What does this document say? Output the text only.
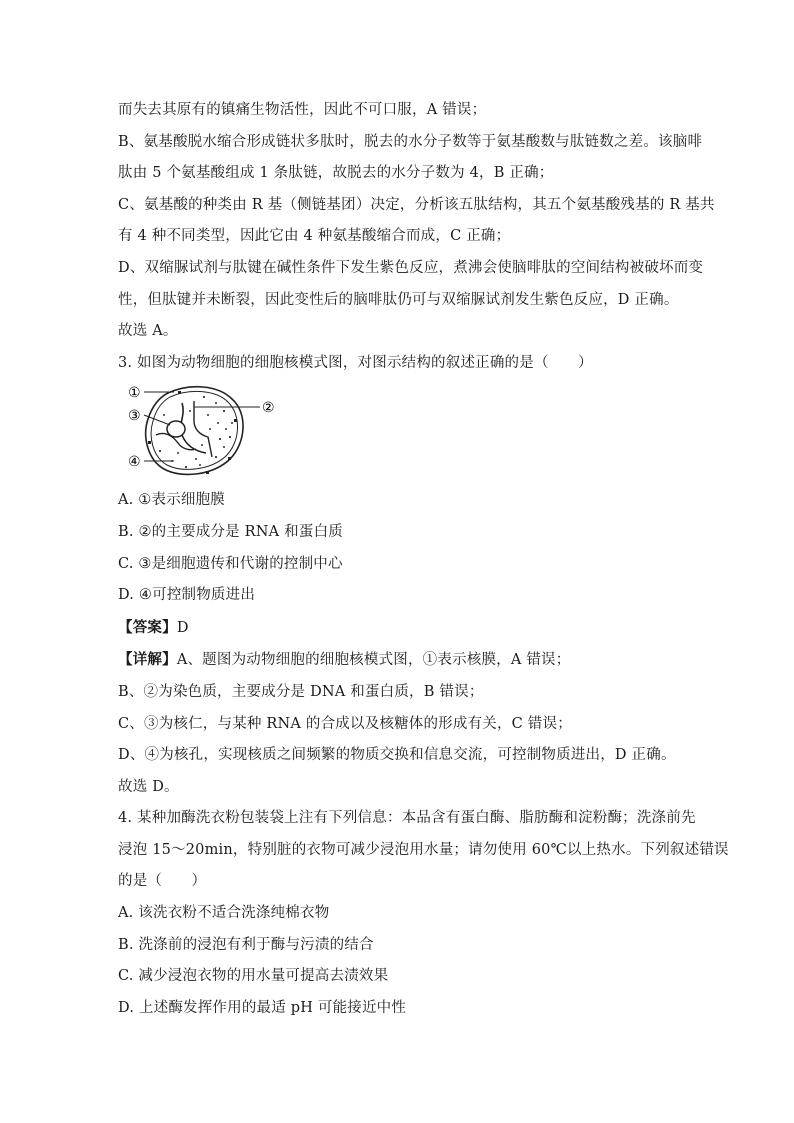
而失去其原有的镇痛生物活性，因此不可口服，A 错误；
B、氨基酸脱水缩合形成链状多肽时，脱去的水分子数等于氨基酸数与肽链数之差。该脑啡
肽由 5 个氨基酸组成 1 条肽链，故脱去的水分子数为 4，B 正确；
C、氨基酸的种类由 R 基（侧链基团）决定，分析该五肽结构，其五个氨基酸残基的 R 基共
有 4 种不同类型，因此它由 4 种氨基酸缩合而成，C 正确；
D、双缩脲试剂与肽键在碱性条件下发生紫色反应，煮沸会使脑啡肽的空间结构被破坏而变
性，但肽键并未断裂，因此变性后的脑啡肽仍可与双缩脲试剂发生紫色反应，D 正确。
故选 A。
3. 如图为动物细胞的细胞核模式图，对图示结构的叙述正确的是（　　）
①
②
③
④
A. ①表示细胞膜
B. ②的主要成分是 RNA 和蛋白质
C. ③是细胞遗传和代谢的控制中心
D. ④可控制物质进出
【答案】D
【详解】A、题图为动物细胞的细胞核模式图，①表示核膜，A 错误；
B、②为染色质，主要成分是 DNA 和蛋白质，B 错误；
C、③为核仁，与某种 RNA 的合成以及核糖体的形成有关，C 错误；
D、④为核孔，实现核质之间频繁的物质交换和信息交流，可控制物质进出，D 正确。
故选 D。
4. 某种加酶洗衣粉包装袋上注有下列信息：本品含有蛋白酶、脂肪酶和淀粉酶；洗涤前先
浸泡 15～20min，特别脏的衣物可减少浸泡用水量；请勿使用 60℃以上热水。下列叙述错误
的是（　　）
A. 该洗衣粉不适合洗涤纯棉衣物
B. 洗涤前的浸泡有利于酶与污渍的结合
C. 减少浸泡衣物的用水量可提高去渍效果
D. 上述酶发挥作用的最适 pH 可能接近中性
